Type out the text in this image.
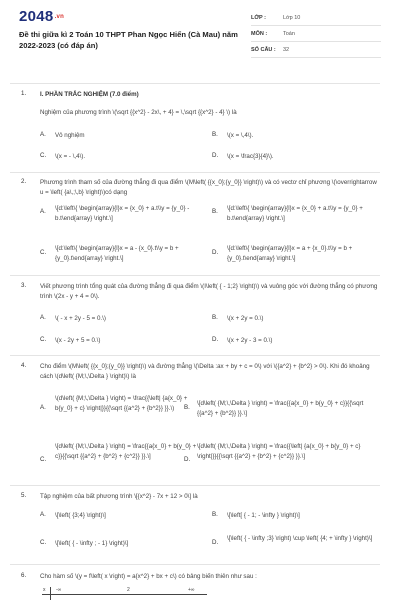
2048.vn
Đề thi giữa kì 2 Toán 10 THPT Phan Ngọc Hiển (Cà Mau) năm 2022-2023 (có đáp án)
LỚP :	Lớp 10
MÔN :	Toán
SỐ CÂU :	32
1. I. PHẦN TRẮC NGHIỆM (7.0 điểm)
Nghiệm của phương trình \(\sqrt {{x^2} - 2x\, + 4} = \,\sqrt {{x^2} - 4} \) là
A. Vô nghiệm	B. \(x = \,4\).
C. \(x = - \,4\).	D. \(x = \frac{3}{4}\).
2. Phương trình tham số của đường thẳng đi qua điểm \(M\left( {{x_0};{y_0}} \right)\) và có vectơ chỉ phương \(\overrightarrow u = \left( {a\,;\,b} \right)\)có dạng
A. \[d:\left\{ \begin{array}{l}x = {x_0} + a.t\\y = {y_0} - b.t\end{array} \right.\]
B. \[d:\left\{ \begin{array}{l}x = {x_0} + a.t\\y = {y_0} + b.t\end{array} \right.\]
C.
\[d:\left\{ \begin{array}{l}x = a - {x_0}.t\\y = b + {y_0}.t\end{array} \right.\]
D.
\[d:\left\{ \begin{array}{l}x = a + {x_0}.t\\y = b + {y_0}.t\end{array} \right.\]
3. Viết phương trình tổng quát của đường thẳng đi qua điểm \(I\left( { - 1;2} \right)\) và vuông góc với đường thẳng có phương trình \(2x - y + 4 = 0\).
A. \( - x + 2y - 5 = 0.\)	B. \(x + 2y = 0.\)
C. \(x - 2y + 5 = 0.\)	D. \(x + 2y - 3 = 0.\)
4. Cho điểm \(M\left( {{x_0};{y_0}} \right)\) và đường thẳng \(\Delta :ax + by + c = 0\) với \({a^2} + {b^2} > 0\). Khi đó khoảng cách \(d\left( {M;\,\Delta } \right)\) là
A.
\(d\left( {M;\,\Delta } \right) = \frac{{\left| {a{x_0} + b{y_0} + c} \right|}}{{\sqrt {{a^2} + {b^2}} }}.\)	B.
\[d\left( {M;\,\Delta } \right) = \frac{{a{x_0} + b{y_0} + c}}{{\sqrt {{a^2} + {b^2}} }}.\]
C.
\[d\left( {M;\,\Delta } \right) = \frac{{a{x_0} + b{y_0} + c}}{{\sqrt {{a^2} + {b^2} + {c^2}} }}.\]	D.
\[d\left( {M;\,\Delta } \right) = \frac{{\left| {a{x_0} + b{y_0} + c} \right|}}{{\sqrt {{a^2} + {b^2} + {c^2}} }}.\]
5. Tập nghiệm của bất phương trình \[{x^2} - 7x + 12 > 0\] là
A. \[\left( {3;4} \right)\]	B. \[\left[ { - 1; - \infty } \right)\]
C. \[\left( { - \infty ; - 1} \right)\]	D.
\[\left( { - \infty ;3} \right) \cup \left( {4; + \infty } \right)\]
6. Cho hàm số \(y = f\left( x \right) = a{x^2} + bx + c\) có bảng biến thiên như sau :
x -∞	2	+∞
